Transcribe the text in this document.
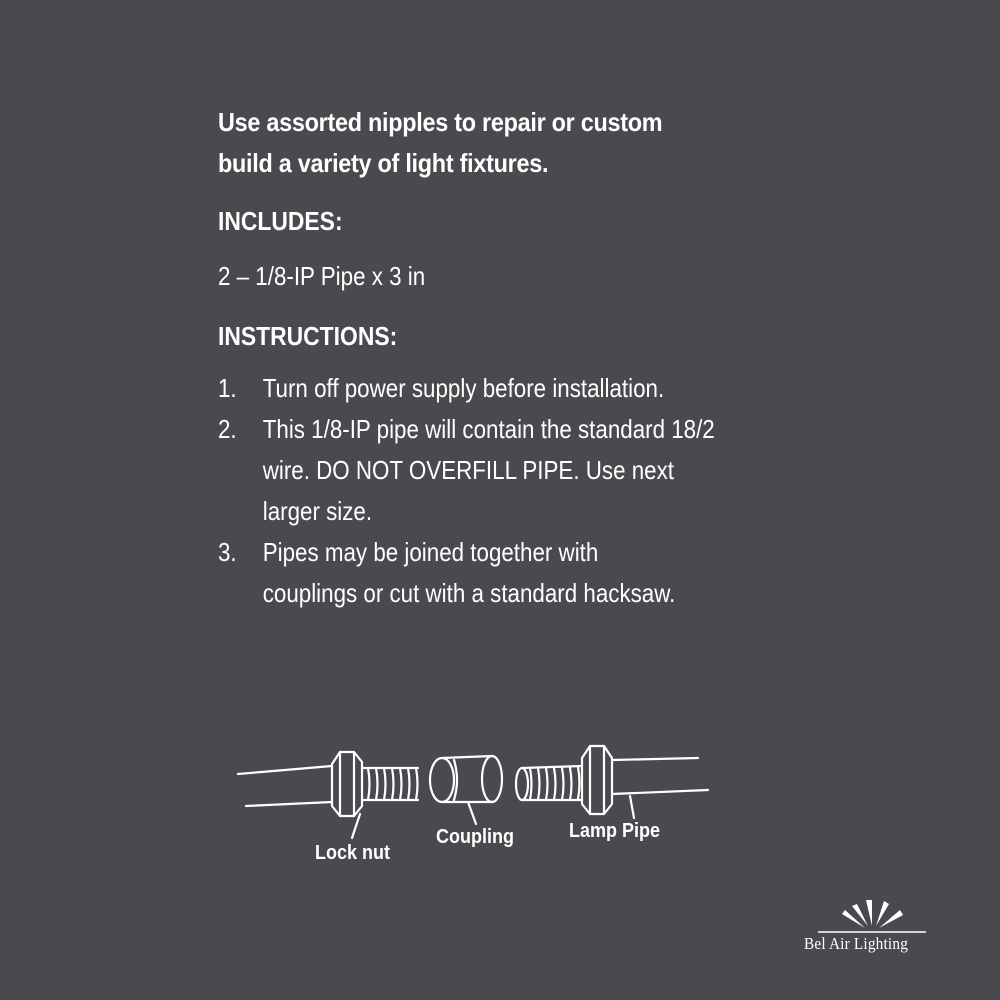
Use assorted nipples to repair or custom
build a variety of light fixtures.

INCLUDES:

2 – 1/8-IP Pipe x 3 in

INSTRUCTIONS:

1. Turn off power supply before installation.
2. This 1/8-IP pipe will contain the standard 18/2 wire. DO NOT OVERFILL PIPE. Use next larger size.
3. Pipes may be joined together with couplings or cut with a standard hacksaw.
Lock nut
Coupling	Lamp Pipe
Bel Air Lighting
